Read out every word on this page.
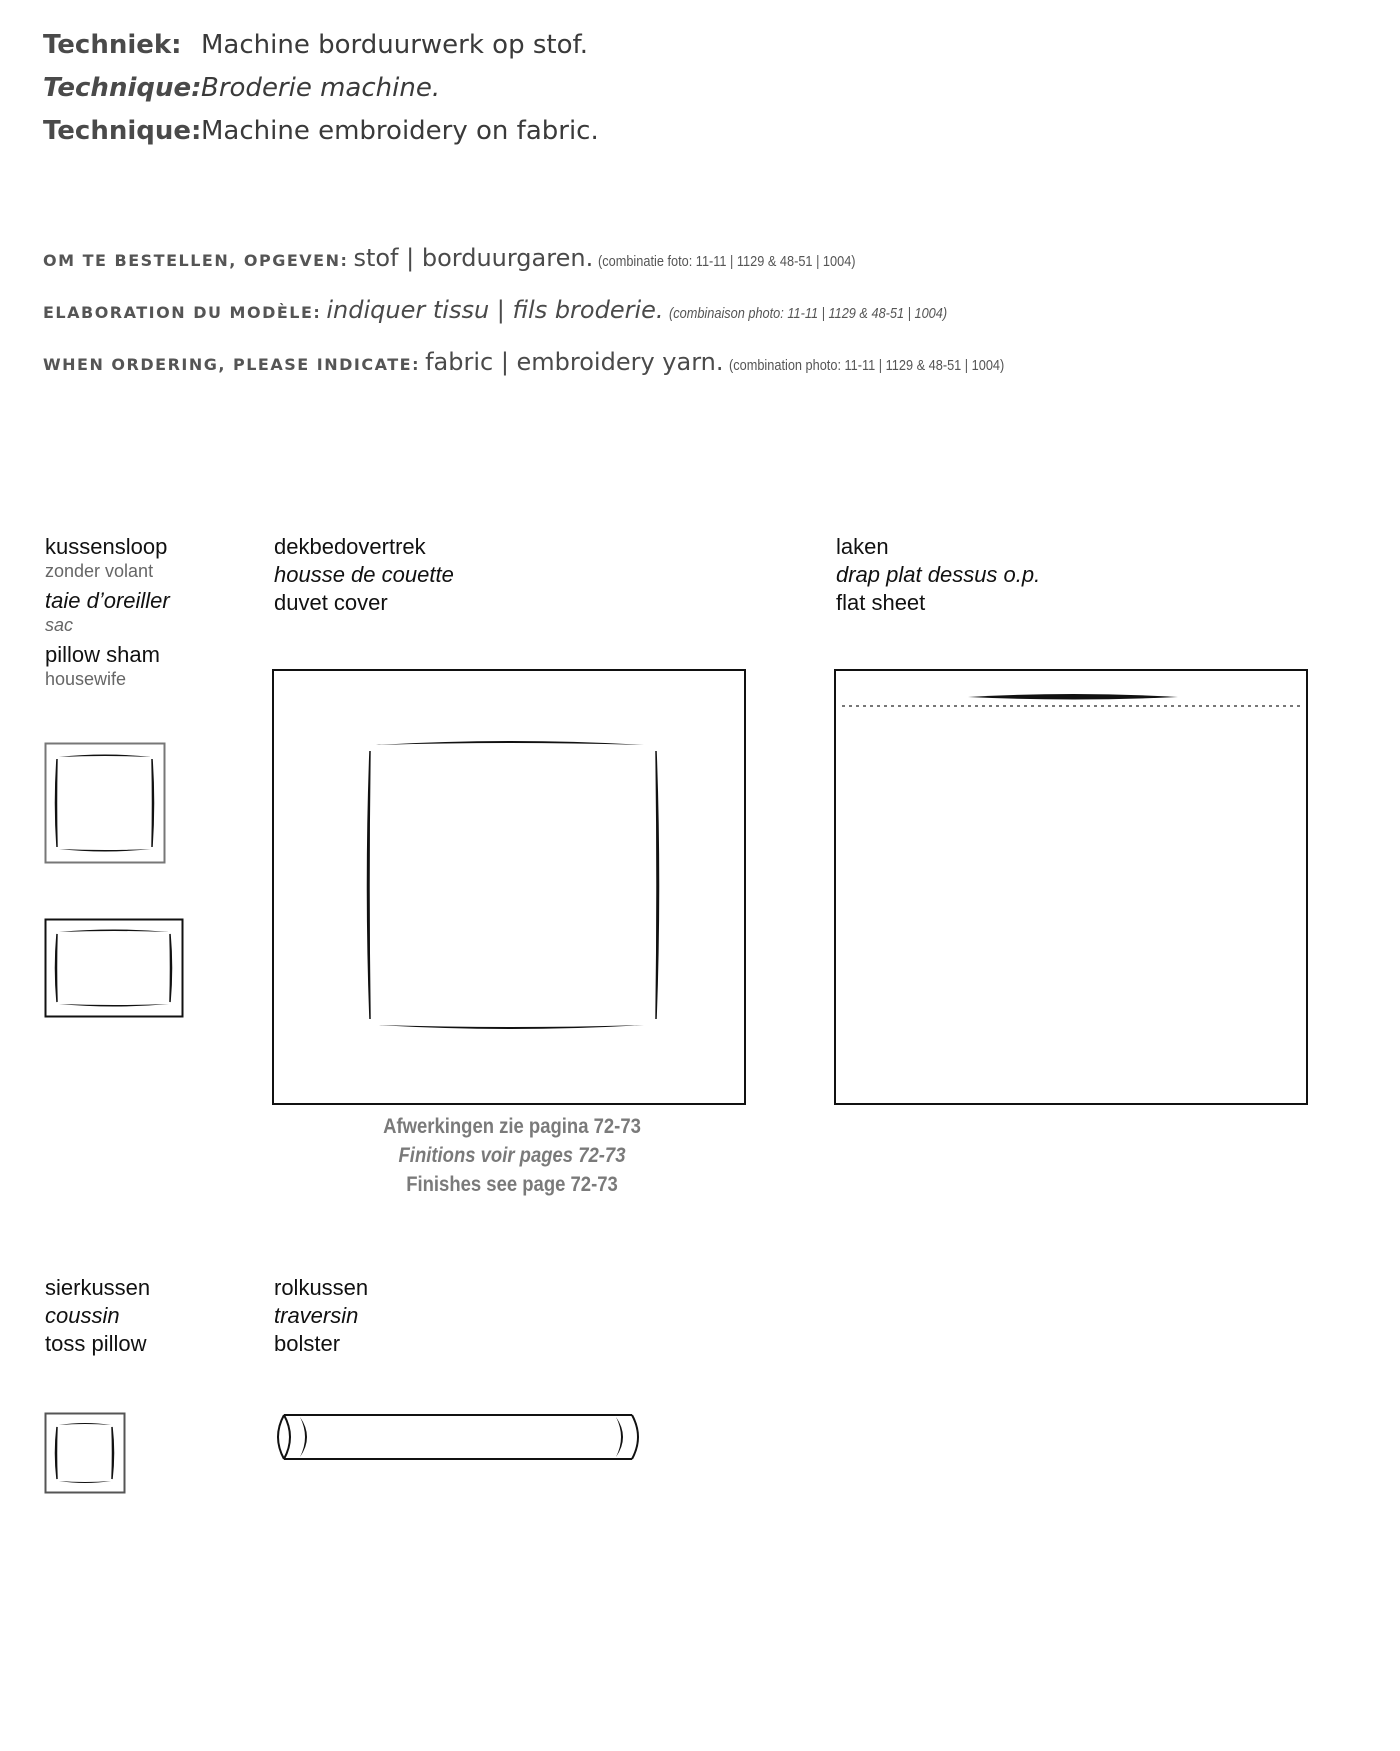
Techniek: Machine borduurwerk op stof.
Technique:Broderie machine.
Technique:Machine embroidery on fabric.
OM TE BESTELLEN, OPGEVEN: stof | borduurgaren. (combinatie foto: 11-11 | 1129 & 48-51 | 1004)
ELABORATION DU MODÈLE: indiquer tissu | fils broderie. (combinaison photo: 11-11 | 1129 & 48-51 | 1004)
WHEN ORDERING, PLEASE INDICATE: fabric | embroidery yarn. (combination photo: 11-11 | 1129 & 48-51 | 1004)
kussensloop
zonder volant
taie d’oreiller
sac
pillow sham
housewife
dekbedovertrek
housse de couette
duvet cover
laken
drap plat dessus o.p.
flat sheet
Afwerkingen zie pagina 72-73
Finitions voir pages 72-73
Finishes see page 72-73
sierkussen
coussin
toss pillow
rolkussen
traversin
bolster
